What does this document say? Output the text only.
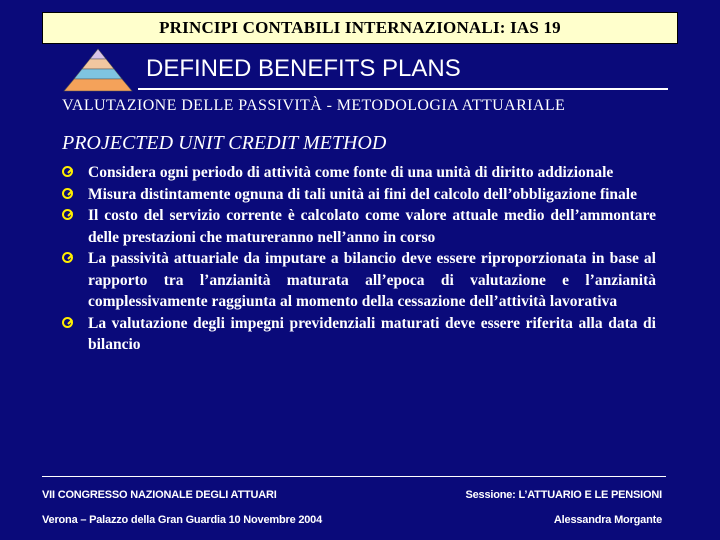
PRINCIPI CONTABILI INTERNAZIONALI: IAS 19
DEFINED BENEFITS PLANS
VALUTAZIONE DELLE PASSIVITÀ - METODOLOGIA ATTUARIALE
PROJECTED UNIT CREDIT METHOD
Considera ogni periodo di attività come fonte di una unità di diritto addizionale
Misura distintamente ognuna di tali unità ai fini del calcolo dell’obbligazione finale
Il costo del servizio corrente è calcolato come valore attuale medio dell’ammontare delle prestazioni che matureranno nell’anno in corso
La passività attuariale da imputare a bilancio deve essere riproporzionata in base al rapporto tra l’anzianità maturata all’epoca di valutazione e l’anzianità complessivamente raggiunta al momento della cessazione dell’attività lavorativa
La valutazione degli impegni previdenziali maturati deve essere riferita alla data di bilancio
VII CONGRESSO NAZIONALE DEGLI ATTUARI	Sessione: L’ATTUARIO E LE PENSIONI
Verona – Palazzo della Gran Guardia 10 Novembre 2004	Alessandra Morgante
